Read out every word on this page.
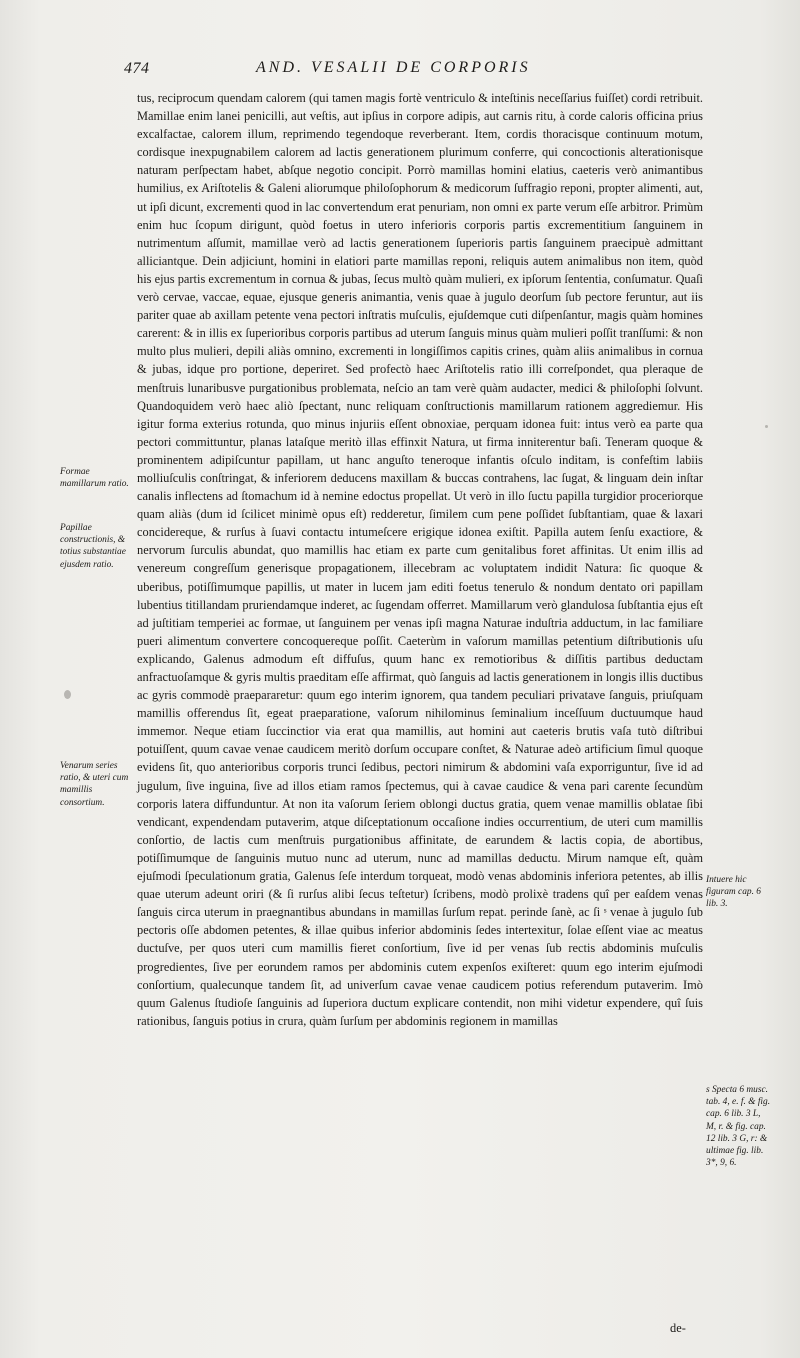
474	AND. VESALII DE CORPORIS

tus, reciprocum quendam calorem (qui tamen magis fortè ventriculo & inteſtinis neceſſarius fuiſſet) cordi retribuit. Mamillae enim lanei penicilli, aut veſtis, aut ipſius in corpore adipis, aut carnis ritu, à corde caloris officina prius excalfactae, calorem illum, reprimendo tegendoque reverberant. Item, cordis thoracisque continuum motum, cordisque inexpugnabilem calorem ad lactis generationem plurimum conferre, qui concoctionis alterationisque naturam perſpectam habet, abſque negotio concipit. Porrò mamillas homini elatius, caeteris verò animantibus humilius, ex Ariſtotelis & Galeni aliorumque philoſophorum & medicorum ſuffragio reponi, propter alimenti, aut, ut ipſi dicunt, excrementi quod in lac convertendum erat penuriam, non omni ex parte verum eſſe arbitror. Primùm enim huc ſcopum dirigunt, quòd foetus in utero inferioris corporis partis excrementitium ſanguinem in nutrimentum aſſumit, mamillae verò ad lactis generationem ſuperioris partis ſanguinem praecipuè admittant alliciantque. Dein adjiciunt, homini in elatiori parte mamillas reponi, reliquis autem animalibus non item, quòd his ejus partis excrementum in cornua & jubas, ſecus multò quàm mulieri, ex ipſorum ſententia, conſumatur. Quaſi verò cervae, vaccae, equae, ejusque generis animantia, venis quae à jugulo deorſum ſub pectore feruntur, aut iis pariter quae ab axillam petente vena pectori inſtratis muſculis, ejuſdemque cuti diſpenſantur, magis quàm homines carerent: & in illis ex ſuperioribus corporis partibus ad uterum ſanguis minus quàm mulieri poſſit tranſſumi: & non multo plus mulieri, depili aliàs omnino, excrementi in longiſſimos capitis crines, quàm aliis animalibus in cornua & jubas, idque pro portione, deperiret. Sed profectò haec Ariſtotelis ratio illi correſpondet, qua pleraque de menſtruis lunaribusve purgationibus problemata, neſcio an tam verè quàm audacter, medici & philoſophi ſolvunt. Quandoquidem verò haec aliò ſpectant, nunc reliquam conſtructionis mamillarum rationem aggrediemur. His igitur forma exterius rotunda, quo minus injuriis eſſent obnoxiae, perquam idonea fuit: intus verò ea parte qua pectori committuntur, planas lataſque meritò illas effinxit Natura, ut firma inniterentur baſi. Teneram quoque & prominentem adipiſcuntur papillam, ut hanc anguſto teneroque infantis oſculo inditam, is confeſtim labiis molliuſculis conſtringat, & inferiorem deducens maxillam & buccas contrahens, lac ſugat, & linguam dein inſtar canalis inflectens ad ſtomachum id à nemine edoctus propellat. Ut verò in illo ſuctu papilla turgidior proceriorque quam aliàs (dum id ſcilicet minimè opus eſt) redderetur, ſimilem cum pene poſſidet ſubſtantiam, quae & laxari concidereque, & rurſus à ſuavi contactu intumeſcere erigique idonea exiſtit. Papilla autem ſenſu exactiore, & nervorum ſurculis abundat, quo mamillis hac etiam ex parte cum genitalibus foret affinitas. Ut enim illis ad venereum congreſſum generisque propagationem, illecebram ac voluptatem indidit Natura: ſic quoque & uberibus, potiſſimumque papillis, ut mater in lucem jam editi foetus tenerulo & nondum dentato ori papillam lubentius titillandam pruriendamque inderet, ac ſugendam offerret. Mamillarum verò glandulosa ſubſtantia ejus eſt ad juſtitiam temperiei ac formae, ut ſanguinem per venas ipſi magna Naturae induſtria adductum, in lac familiare pueri alimentum convertere concoquereque poſſit. Caeterùm in vaſorum mamillas petentium diſtributionis uſu explicando, Galenus admodum eſt diffuſus, quum hanc ex remotioribus & diſſitis partibus deductam anfractuoſamque & gyris multis praeditam eſſe affirmat, quò ſanguis ad lactis generationem in longis illis ductibus ac gyris commodè praepararetur: quum ego interim ignorem, qua tandem peculiari privatave ſanguis, priuſquam mamillis offerendus ſit, egeat praeparatione, vaſorum nihilominus ſeminalium inceſſuum ductuumque haud immemor. Neque etiam ſuccinctior via erat qua mamillis, aut homini aut caeteris brutis vaſa tutò diſtribui potuiſſent, quum cavae venae caudicem meritò dorſum occupare conſtet, & Naturae adeò artificium ſimul quoque evidens ſit, quo anterioribus corporis trunci ſedibus, pectori nimirum & abdomini vaſa exporriguntur, ſive id ad jugulum, ſive inguina, ſive ad illos etiam ramos ſpectemus, qui à cavae caudice & vena pari carente ſecundùm corporis latera diffunduntur. At non ita vaſorum ſeriem oblongi ductus gratia, quem venae mamillis oblatae ſibi vendicant, expendendam putaverim, atque diſceptationum occaſione indies occurrentium, de uteri cum mamillis conſortio, de lactis cum menſtruis purgationibus affinitate, de earundem & lactis copia, de abortibus, potiſſimumque de ſanguinis mutuo nunc ad uterum, nunc ad mamillas deductu. Mirum namque eſt, quàm ejuſmodi ſpeculationum gratia, Galenus ſeſe interdum torqueat, modò venas abdominis inferiora petentes, ab illis quae uterum adeunt oriri (& ſi rurſus alibi ſecus teſtetur) ſcribens, modò prolixè tradens quî per eaſdem venas ſanguis circa uterum in praegnantibus abundans in mamillas ſurſum repat. perinde ſanè, ac ſi ˢ venae à jugulo ſub pectoris oſſe abdomen petentes, & illae quibus inferior abdominis ſedes intertexitur, ſolae eſſent viae ac meatus ductuſve, per quos uteri cum mamillis fieret conſortium, ſive id per venas ſub rectis abdominis muſculis progredientes, ſive per eorundem ramos per abdominis cutem expenſos exiſteret: quum ego interim ejuſmodi conſortium, qualecunque tandem ſit, ad univerſum cavae venae caudicem potius referendum putaverim. Imò quum Galenus ſtudioſe ſanguinis ad ſuperiora ductum explicare contendit, non mihi videtur expendere, quî ſuis rationibus, ſanguis potius in crura, quàm ſurſum per abdominis regionem in mamillas

Formae mamillarum ratio.
Papillae constructionis, & totius substantiae ejusdem ratio.
Venarum series ratio, & uteri cum mamillis consortium.
Intuere hic figuram cap. 6 lib. 3.
s Specta 6 musc. tab. 4, e. f. & fig. cap. 6 lib. 3 L, M, r. & fig. cap. 12 lib. 3 G, r: & ultimae fig. lib. 3*, 9, 6.
de-
